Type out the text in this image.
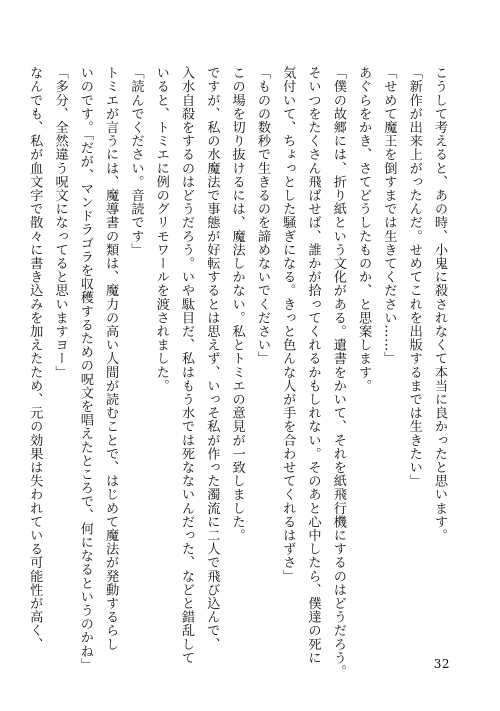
こうして考えると、あの時、小鬼に殺されなくて本当に良かったと思います。
「新作が出来上がったんだ。せめてこれを出版するまでは生きたい」
「せめて魔王を倒すまでは生きてください……」
あぐらをかき、さてどうしたものか、と思案します。
「僕の故郷には、折り紙という文化がある。遺書をかいて、それを紙飛行機にするのはどうだろう。
そいつをたくさん飛ばせば、誰かが拾ってくれるかもしれない。そのあと心中したら、僕達の死に
気付いて、ちょっとした騒ぎになる。きっと色んな人が手を合わせてくれるはずさ」
「ものの数秒で生きるのを諦めないでください」
この場を切り抜けるには、魔法しかない。私とトミエの意見が一致しました。
ですが、私の水魔法で事態が好転するとは思えず、いっそ私が作った濁流に二人で飛び込んで、
入水自殺をするのはどうだろう。いや駄目だ、私はもう水では死なないんだった、などと錯乱して
いると、トミエに例のグリモワールを渡されました。
「読んでください。音読です」
トミエが言うには、魔導書の類は、魔力の高い人間が読むことで、はじめて魔法が発動するらし
いのです。「だが、マンドラゴラを収穫するための呪文を唱えたところで、何になるというのかね」
「多分、全然違う呪文になってると思いますヨー」
なんでも、私が血文字で散々に書き込みを加えたため、元の効果は失われている可能性が高く、
32
